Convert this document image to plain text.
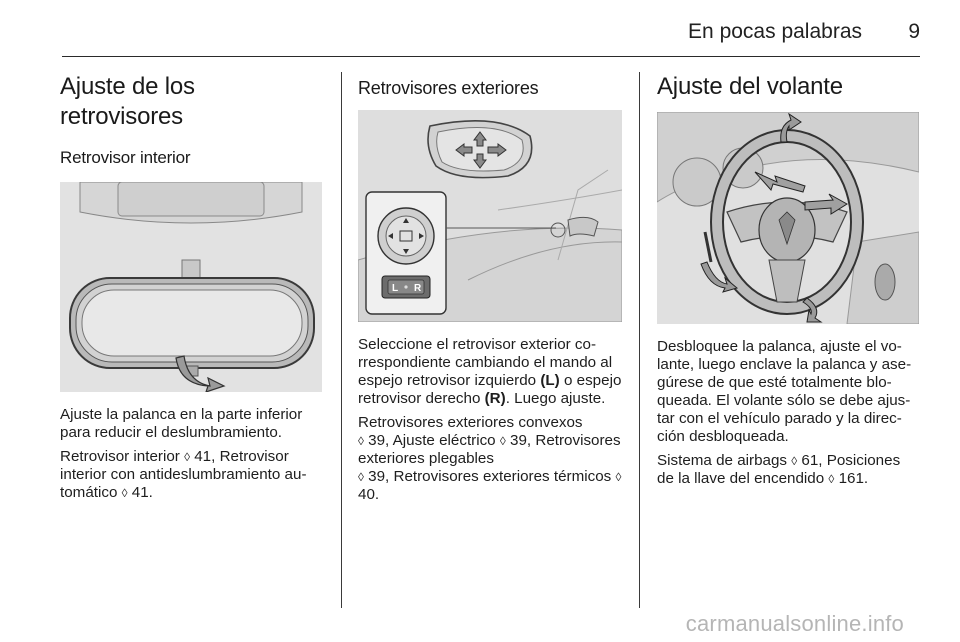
En pocas palabras 9
Ajuste de los retrovisores
Retrovisor interior

Ajuste la palanca en la parte inferior para reducir el deslumbramiento.

Retrovisor interior ◊ 41, Retrovisor interior con antideslumbramiento automático ◊ 41.

Retrovisores exteriores
L R

Seleccione el retrovisor exterior correspondiente cambiando el mando al espejo retrovisor izquierdo (L) o espejo retrovisor derecho (R). Luego ajuste.

Retrovisores exteriores convexos
◊ 39, Ajuste eléctrico ◊ 39, Retrovisores exteriores plegables
◊ 39, Retrovisores exteriores térmicos ◊ 40.

Ajuste del volante

Desbloquee la palanca, ajuste el volante, luego enclave la palanca y asegúrese de que esté totalmente bloqueada. El volante sólo se debe ajustar con el vehículo parado y la dirección desbloqueada.

Sistema de airbags ◊ 61, Posiciones de la llave del encendido ◊ 161.

carmanualsonline.info
